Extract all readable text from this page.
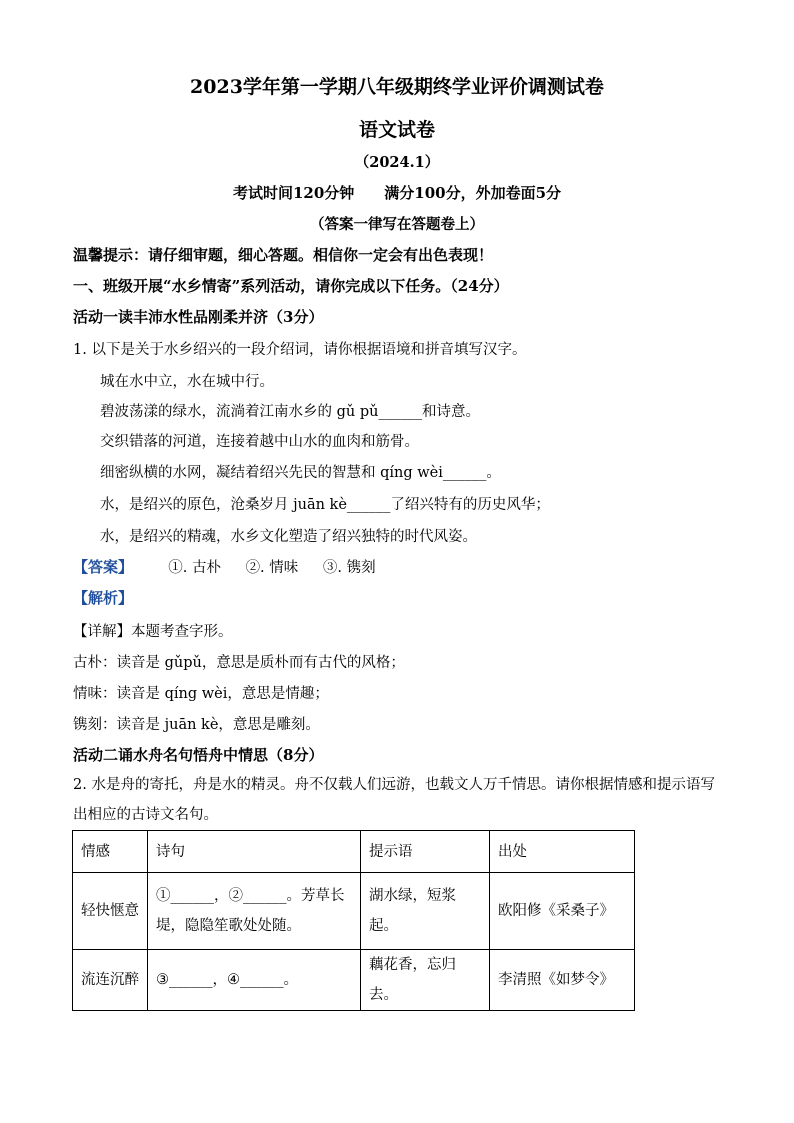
2023学年第一学期八年级期终学业评价调测试卷
语文试卷
（2024.1）
考试时间120分钟　　满分100分，外加卷面5分
（答案一律写在答题卷上）
温馨提示：请仔细审题，细心答题。相信你一定会有出色表现！
一、班级开展“水乡情寄”系列活动，请你完成以下任务。（24分）
活动一读丰沛水性品刚柔并济（3分）
1. 以下是关于水乡绍兴的一段介绍词，请你根据语境和拼音填写汉字。
城在水中立，水在城中行。
碧波荡漾的绿水，流淌着江南水乡的 gǔ pǔ______和诗意。
交织错落的河道，连接着越中山水的血肉和筋骨。
细密纵横的水网，凝结着绍兴先民的智慧和 qíng wèi______。
水，是绍兴的原色，沧桑岁月 juān kè______了绍兴特有的历史风华；
水，是绍兴的精魂，水乡文化塑造了绍兴独特的时代风姿。
【答案】 ①. 古朴 ②. 情味 ③. 镌刻
【解析】
【详解】本题考查字形。
古朴：读音是 gǔpǔ，意思是质朴而有古代的风格；
情味：读音是 qíng wèi，意思是情趣；
镌刻：读音是 juān kè，意思是雕刻。
活动二诵水舟名句悟舟中情思（8分）
2. 水是舟的寄托，舟是水的精灵。舟不仅载人们远游，也载文人万千情思。请你根据情感和提示语写出相应的古诗文名句。
情感	诗句	提示语	出处
轻快惬意	①______，②______。芳草长堤，隐隐笙歌处处随。	湖水绿，短浆起。	欧阳修《采桑子》
流连沉醉	③______，④______。	藕花香，忘归去。	李清照《如梦令》
